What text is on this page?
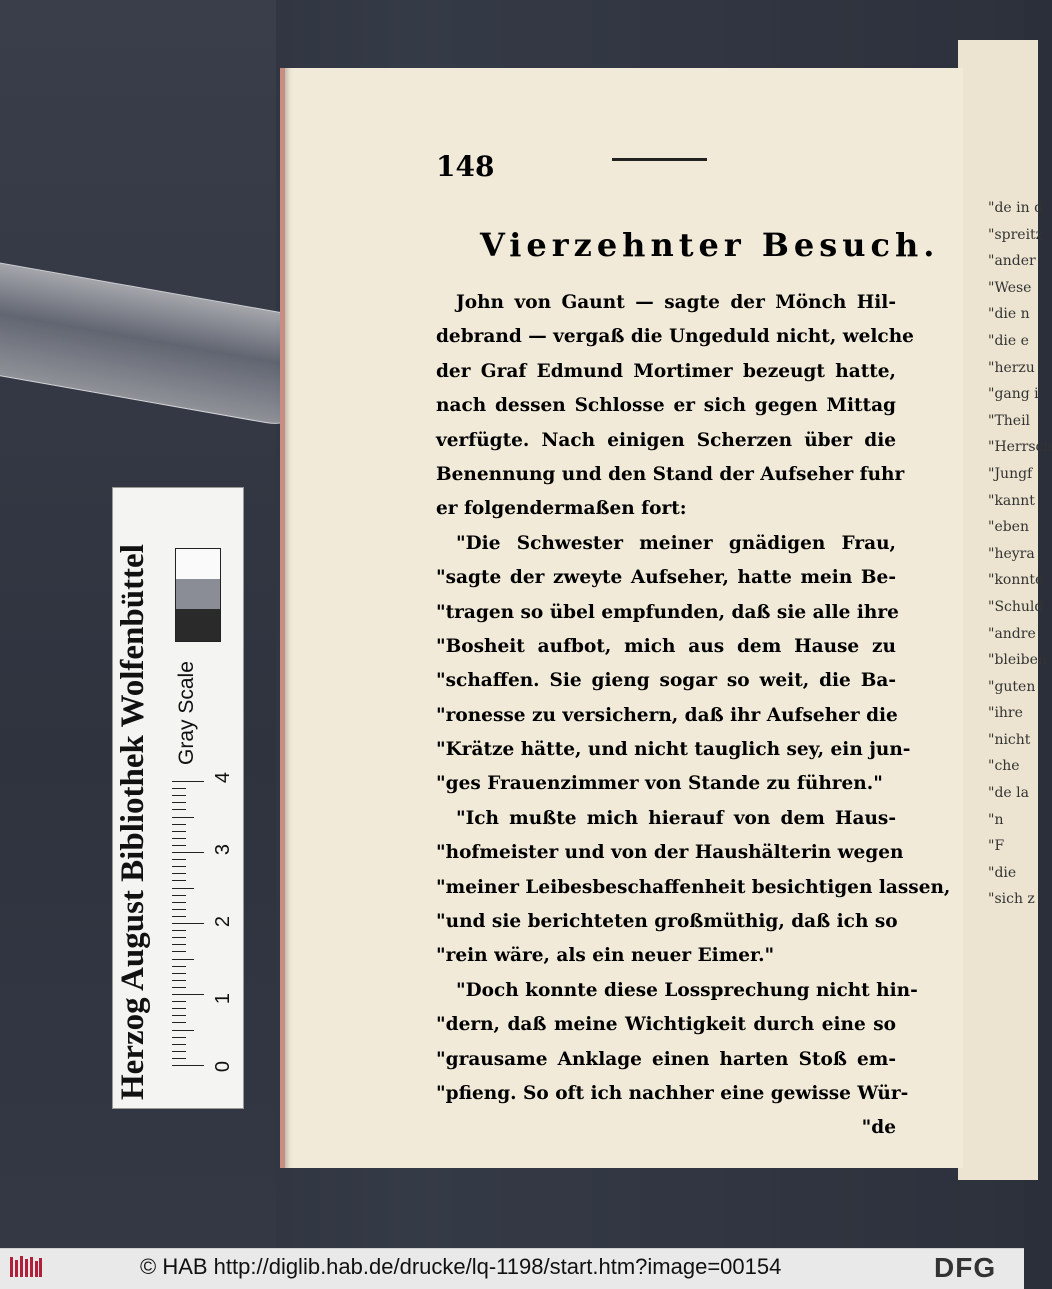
Herzog August Bibliothek Wolfenbüttel Gray Scale
0
1
2
3
4
"de in d
"spreitz
"ander
"Wese
"die n
"die e
"herzu
"gang i
"Theil
"Herrsch
"Jungf
"kannt
"eben
"heyra
"konnte
"Schuld
"andre
"bleiben
"guten
"ihre
"nicht
"che
"de la
"n
"F
"die
"sich z
148
Vierzehnter Besuch.
John von Gaunt — sagte der Mönch Hil-
debrand — vergaß die Ungeduld nicht, welche
der Graf Edmund Mortimer bezeugt hatte,
nach dessen Schlosse er sich gegen Mittag
verfügte. Nach einigen Scherzen über die
Benennung und den Stand der Aufseher fuhr
er folgendermaßen fort:
"Die Schwester meiner gnädigen Frau,
"sagte der zweyte Aufseher, hatte mein Be-
"tragen so übel empfunden, daß sie alle ihre
"Bosheit aufbot, mich aus dem Hause zu
"schaffen. Sie gieng sogar so weit, die Ba-
"ronesse zu versichern, daß ihr Aufseher die
"Krätze hätte, und nicht tauglich sey, ein jun-
"ges Frauenzimmer von Stande zu führen."
"Ich mußte mich hierauf von dem Haus-
"hofmeister und von der Haushälterin wegen
"meiner Leibesbeschaffenheit besichtigen lassen,
"und sie berichteten großmüthig, daß ich so
"rein wäre, als ein neuer Eimer."
"Doch konnte diese Lossprechung nicht hin-
"dern, daß meine Wichtigkeit durch eine so
"grausame Anklage einen harten Stoß em-
"pfieng. So oft ich nachher eine gewisse Wür-
"de
© HAB http://diglib.hab.de/drucke/lq-1198/start.htm?image=00154	DFG
